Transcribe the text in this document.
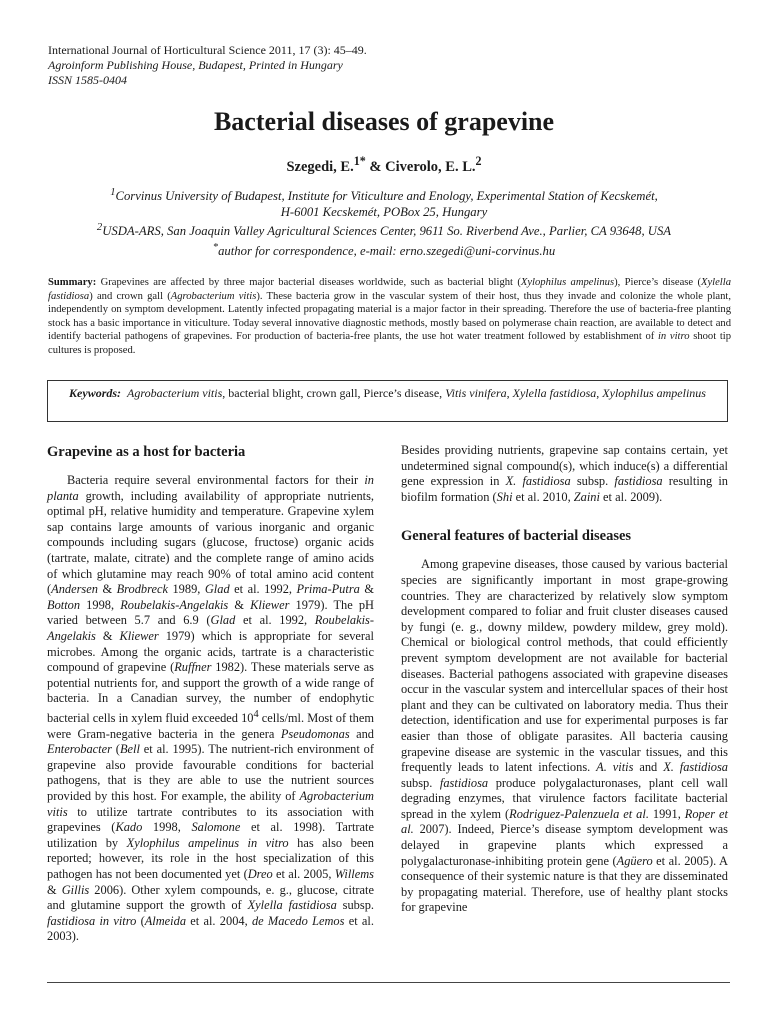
International Journal of Horticultural Science 2011, 17 (3): 45–49.
Agroinform Publishing House, Budapest, Printed in Hungary
ISSN 1585-0404
Bacterial diseases of grapevine
Szegedi, E.$^{1*}$ & Civerolo, E. L.$^2$
$^1$Corvinus University of Budapest, Institute for Viticulture and Enology, Experimental Station of Kecskemét,
H-6001 Kecskemét, POBox 25, Hungary
$^2$USDA-ARS, San Joaquin Valley Agricultural Sciences Center, 9611 So. Riverbend Ave., Parlier, CA 93648, USA
*author for correspondence, e-mail: erno.szegedi@uni-corvinus.hu

Summary: Grapevines are affected by three major bacterial diseases worldwide, such as bacterial blight (Xylophilus ampelinus), Pierce’s disease (Xylella fastidiosa) and crown gall (Agrobacterium vitis). These bacteria grow in the vascular system of their host, thus they invade and colonize the whole plant, independently on symptom development. Latently infected propagating material is a major factor in their spreading. Therefore the use of bacteria-free planting stock has a basic importance in viticulture. Today several innovative diagnostic methods, mostly based on polymerase chain reaction, are available to detect and identify bacterial pathogens of grapevines. For production of bacteria-free plants, the use hot water treatment followed by establishment of in vitro shoot tip cultures is proposed.

Keywords: Agrobacterium vitis, bacterial blight, crown gall, Pierce’s disease, Vitis vinifera, Xylella fastidiosa, Xylophilus ampelinus
Grapevine as a host for bacteria

Bacteria require several environmental factors for their in planta growth, including availability of appropriate nutrients, optimal pH, relative humidity and temperature. Grapevine xylem sap contains large amounts of various inorganic and organic compounds including sugars (glucose, fructose) organic acids (tartrate, malate, citrate) and the complete range of amino acids of which glutamine may reach 90% of total amino acid content (Andersen & Brodbreck 1989, Glad et al. 1992, Prima-Putra & Botton 1998, Roubelakis-Angelakis & Kliewer 1979). The pH varied between 5.7 and 6.9 (Glad et al. 1992, Roubelakis-Angelakis & Kliewer 1979) which is appropriate for several microbes. Among the organic acids, tartrate is a characteristic compound of grapevine (Ruffner 1982). These materials serve as potential nutrients for, and support the growth of a wide range of bacteria. In a Canadian survey, the number of endophytic bacterial cells in xylem fluid exceeded $10^4$ cells/ml. Most of them were Gram-negative bacteria in the genera Pseudomonas and Enterobacter (Bell et al. 1995). The nutrient-rich environment of grapevine also provide favourable conditions for bacterial pathogens, that is they are able to use the nutrient sources provided by this host. For example, the ability of Agrobacterium vitis to utilize tartrate contributes to its association with grapevines (Kado 1998, Salomone et al. 1998). Tartrate utilization by Xylophilus ampelinus in vitro has also been reported; however, its role in the host specialization of this pathogen has not been documented yet (Dreo et al. 2005, Willems & Gillis 2006). Other xylem compounds, e. g., glucose, citrate and glutamine support the growth of Xylella fastidiosa subsp. fastidiosa in vitro (Almeida et al. 2004, de Macedo Lemos et al. 2003).

Besides providing nutrients, grapevine sap contains certain, yet undetermined signal compound(s), which induce(s) a differential gene expression in X. fastidiosa subsp. fastidiosa resulting in biofilm formation (Shi et al. 2010, Zaini et al. 2009).

General features of bacterial diseases

Among grapevine diseases, those caused by various bacterial species are significantly important in most grape-growing countries. They are characterized by relatively slow symptom development compared to foliar and fruit cluster diseases caused by fungi (e. g., downy mildew, powdery mildew, grey mold). Chemical or biological control methods, that could efficiently prevent symptom development are not available for bacterial diseases. Bacterial pathogens associated with grapevine diseases occur in the vascular system and intercellular spaces of their host plant and they can be cultivated on laboratory media. Thus their detection, identification and use for experimental purposes is far easier than those of obligate parasites. All bacteria causing grapevine disease are systemic in the vascular tissues, and this frequently leads to latent infections. A. vitis and X. fastidiosa subsp. fastidiosa produce polygalacturonases, plant cell wall degrading enzymes, that virulence factors facilitate bacterial spread in the xylem (Rodriguez-Palenzuela et al. 1991, Roper et al. 2007). Indeed, Pierce’s disease symptom development was delayed in grapevine plants which expressed a polygalacturonase-inhibiting protein gene (Agüero et al. 2005). A consequence of their systemic nature is that they are disseminated by propagating material. Therefore, use of healthy plant stocks for grapevine
